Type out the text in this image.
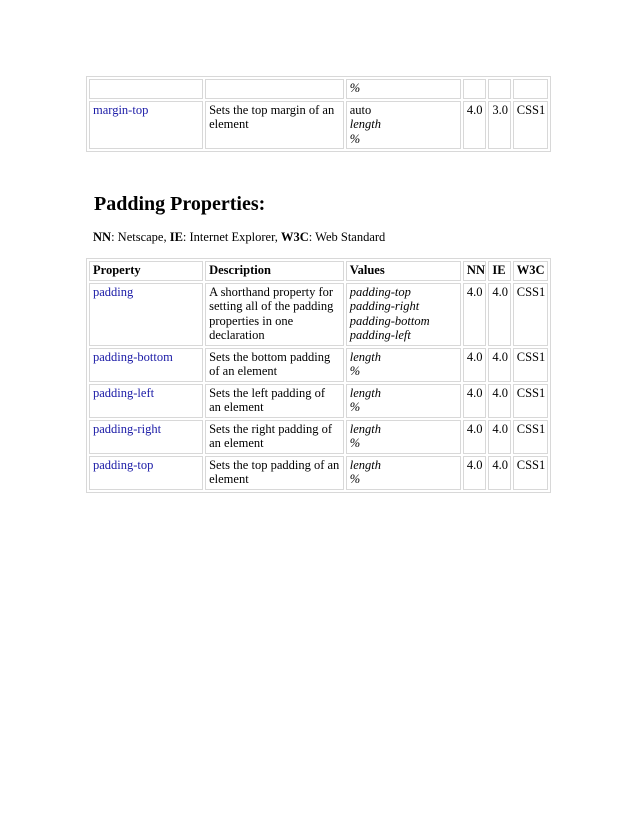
		%			

margin-top	Sets the top margin of an element	auto
length
%	4.0	3.0	CSS1
Padding Properties:

NN: Netscape, IE: Internet Explorer, W3C: Web Standard

Property	Description	Values	NN	IE	W3C
padding	A shorthand property for setting all of the padding properties in one declaration	padding-top
padding-right
padding-bottom
padding-left	4.0	4.0	CSS1
padding-bottom	Sets the bottom padding of an element	length
%	4.0	4.0	CSS1
padding-left	Sets the left padding of an element	length
%	4.0	4.0	CSS1
padding-right	Sets the right padding of an element	length
%	4.0	4.0	CSS1
padding-top	Sets the top padding of an element	length
%	4.0	4.0	CSS1
